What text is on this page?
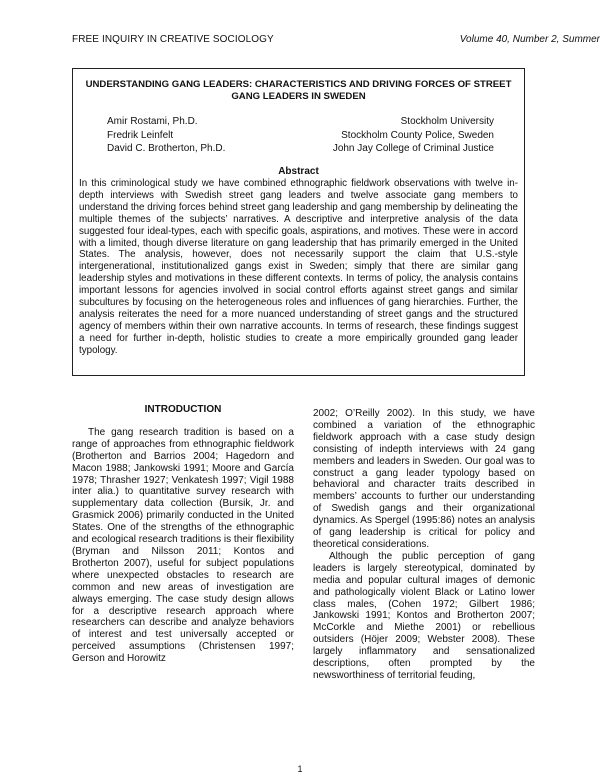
FREE INQUIRY IN CREATIVE SOCIOLOGY	Volume 40, Number 2, Summer
UNDERSTANDING GANG LEADERS: CHARACTERISTICS AND DRIVING FORCES OF STREET GANG LEADERS IN SWEDEN
Amir Rostami, Ph.D.
Fredrik Leinfelt
David C. Brotherton, Ph.D.
Stockholm University
Stockholm County Police, Sweden
John Jay College of Criminal Justice
Abstract
In this criminological study we have combined ethnographic fieldwork observations with twelve in-depth interviews with Swedish street gang leaders and twelve associate gang members to understand the driving forces behind street gang leadership and gang membership by delineating the multiple themes of the subjects’ narratives. A descriptive and interpretive analysis of the data suggested four ideal-types, each with specific goals, aspirations, and motives. These were in accord with a limited, though diverse literature on gang leadership that has primarily emerged in the United States. The analysis, however, does not necessarily support the claim that U.S.-style intergenerational, institutionalized gangs exist in Sweden; simply that there are similar gang leadership styles and motivations in these different contexts. In terms of policy, the analysis contains important lessons for agencies involved in social control efforts against street gangs and similar subcultures by focusing on the heterogeneous roles and influences of gang hierarchies. Further, the analysis reiterates the need for a more nuanced understanding of street gangs and the structured agency of members within their own narrative accounts. In terms of research, these findings suggest a need for further in-depth, holistic studies to create a more empirically grounded gang leader typology.
INTRODUCTION

The gang research tradition is based on a range of approaches from ethnographic fieldwork (Brotherton and Barrios 2004; Hagedorn and Macon 1988; Jankowski 1991; Moore and García 1978; Thrasher 1927; Venkatesh 1997; Vigil 1988 inter alia.) to quantitative survey research with supplementary data collection (Bursik, Jr. and Grasmick 2006) primarily conducted in the United States. One of the strengths of the ethnographic and ecological research traditions is their flexibility (Bryman and Nilsson 2011; Kontos and Brotherton 2007), useful for subject populations where unexpected obstacles to research are common and new areas of investigation are always emerging. The case study design allows for a descriptive research approach where researchers can describe and analyze behaviors of interest and test universally accepted or perceived assumptions (Christensen 1997; Gerson and Horowitz

2002; O’Reilly 2002). In this study, we have combined a variation of the ethnographic fieldwork approach with a case study design consisting of indepth interviews with 24 gang members and leaders in Sweden. Our goal was to construct a gang leader typology based on behavioral and character traits described in members’ accounts to further our understanding of Swedish gangs and their organizational dynamics. As Spergel (1995:86) notes an analysis of gang leadership is critical for policy and theoretical considerations.

Although the public perception of gang leaders is largely stereotypical, dominated by media and popular cultural images of demonic and pathologically violent Black or Latino lower class males, (Cohen 1972; Gilbert 1986; Jankowski 1991; Kontos and Brotherton 2007; McCorkle and Miethe 2001) or rebellious outsiders (Höjer 2009; Webster 2008). These largely inflammatory and sensationalized descriptions, often prompted by the newsworthiness of territorial feuding,

1
